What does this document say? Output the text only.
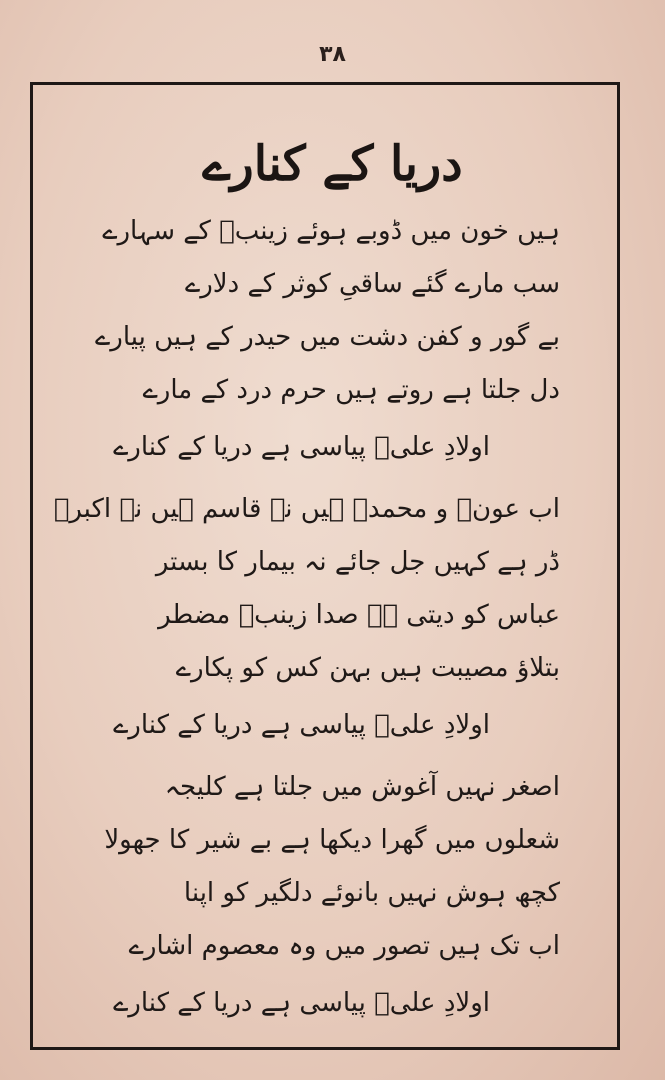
۳۸
دریا کے کنارے
ہیں خون میں ڈوبے ہوئے زینبؑ کے سہارے
سب مارے گئے ساقیِ کوثر کے دلارے
بے گور و کفن دشت میں حیدر کے ہیں پیارے
دل جلتا ہے روتے ہیں حرم درد کے مارے
اولادِ علیؑ پیاسی ہے دریا کے کنارے
اب عونؑ و محمدؑ ہیں نہ قاسم ہیں نہ اکبرؑ
ڈر ہے کہیں جل جائے نہ بیمار کا بستر
عباس کو دیتی ہے صدا زینبؑ مضطر
بتلاؤ مصیبت ہیں بہن کس کو پکارے
اولادِ علیؑ پیاسی ہے دریا کے کنارے
اصغر نہیں آغوش میں جلتا ہے کلیجہ
شعلوں میں گھرا دیکھا ہے بے شیر کا جھولا
کچھ ہوش نہیں بانوئے دلگیر کو اپنا
اب تک ہیں تصور میں وہ معصوم اشارے
اولادِ علیؑ پیاسی ہے دریا کے کنارے
